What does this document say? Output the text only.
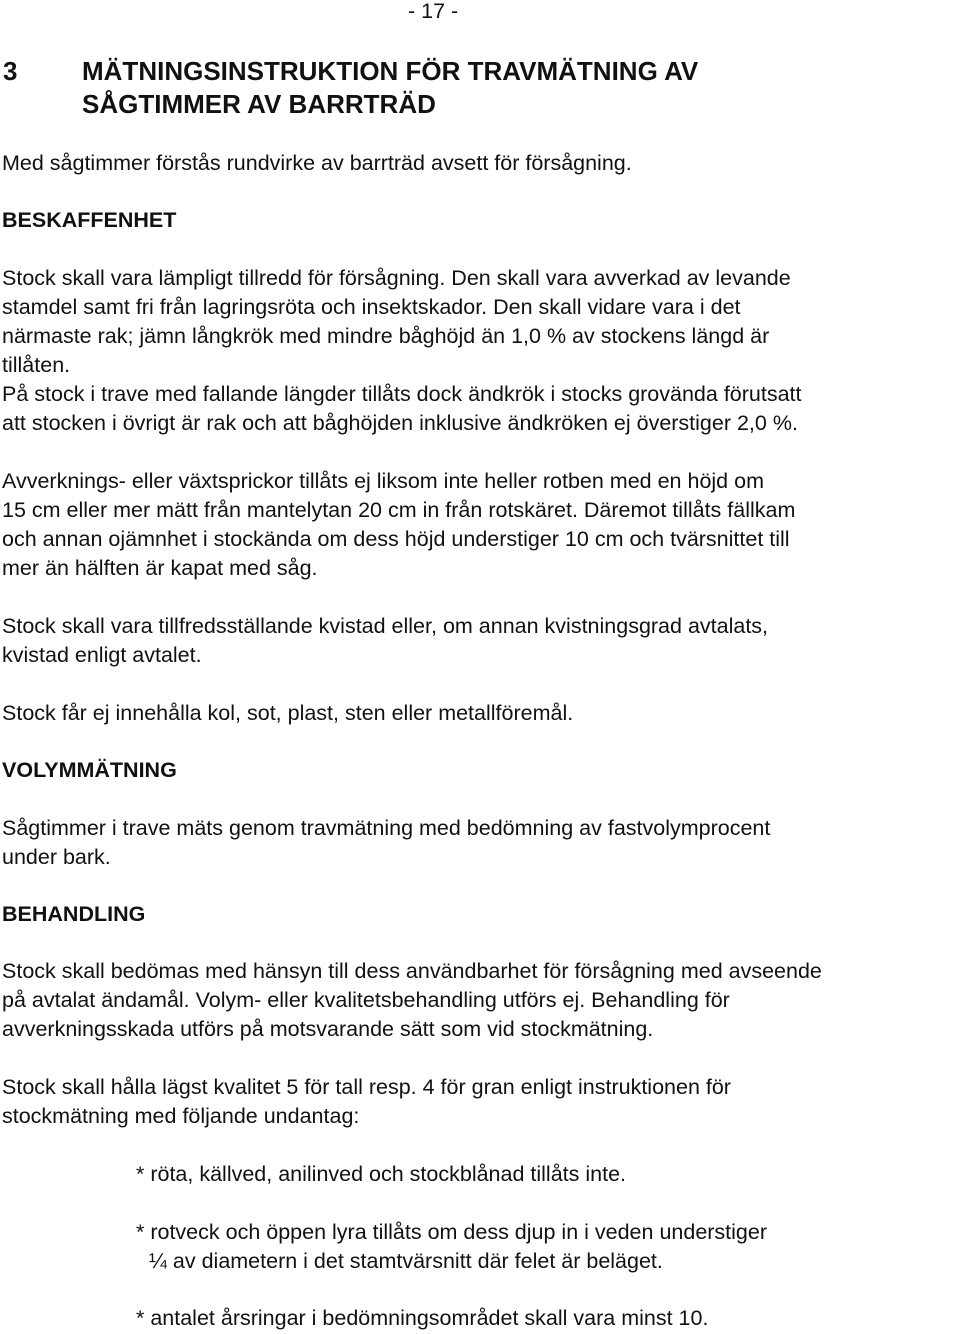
- 17 -
3 MÄTNINGSINSTRUKTION FÖR TRAVMÄTNING AV
SÅGTIMMER AV BARRTRÄD

Med sågtimmer förstås rundvirke av barrträd avsett för försågning.

BESKAFFENHET

Stock skall vara lämpligt tillredd för försågning. Den skall vara avverkad av levande
stamdel samt fri från lagringsröta och insektskador. Den skall vidare vara i det
närmaste rak; jämn långkrök med mindre båghöjd än 1,0 % av stockens längd är
tillåten.

På stock i trave med fallande längder tillåts dock ändkrök i stocks grovända förutsatt
att stocken i övrigt är rak och att båghöjden inklusive ändkröken ej överstiger 2,0 %.

Avverknings- eller växtsprickor tillåts ej liksom inte heller rotben med en höjd om
15 cm eller mer mätt från mantelytan 20 cm in från rotskäret. Däremot tillåts fällkam
och annan ojämnhet i stockända om dess höjd understiger 10 cm och tvärsnittet till
mer än hälften är kapat med såg.

Stock skall vara tillfredsställande kvistad eller, om annan kvistningsgrad avtalats,
kvistad enligt avtalet.

Stock får ej innehålla kol, sot, plast, sten eller metallföremål.

VOLYMMÄTNING

Sågtimmer i trave mäts genom travmätning med bedömning av fastvolymprocent
under bark.

BEHANDLING

Stock skall bedömas med hänsyn till dess användbarhet för försågning med avseende
på avtalat ändamål. Volym- eller kvalitetsbehandling utförs ej. Behandling för
avverkningsskada utförs på motsvarande sätt som vid stockmätning.

Stock skall hålla lägst kvalitet 5 för tall resp. 4 för gran enligt instruktionen för
stockmätning med följande undantag:

* röta, källved, anilinved och stockblånad tillåts inte.

* rotveck och öppen lyra tillåts om dess djup in i veden understiger

¼ av diametern i det stamtvärsnitt där felet är beläget.

* antalet årsringar i bedömningsområdet skall vara minst 10.
